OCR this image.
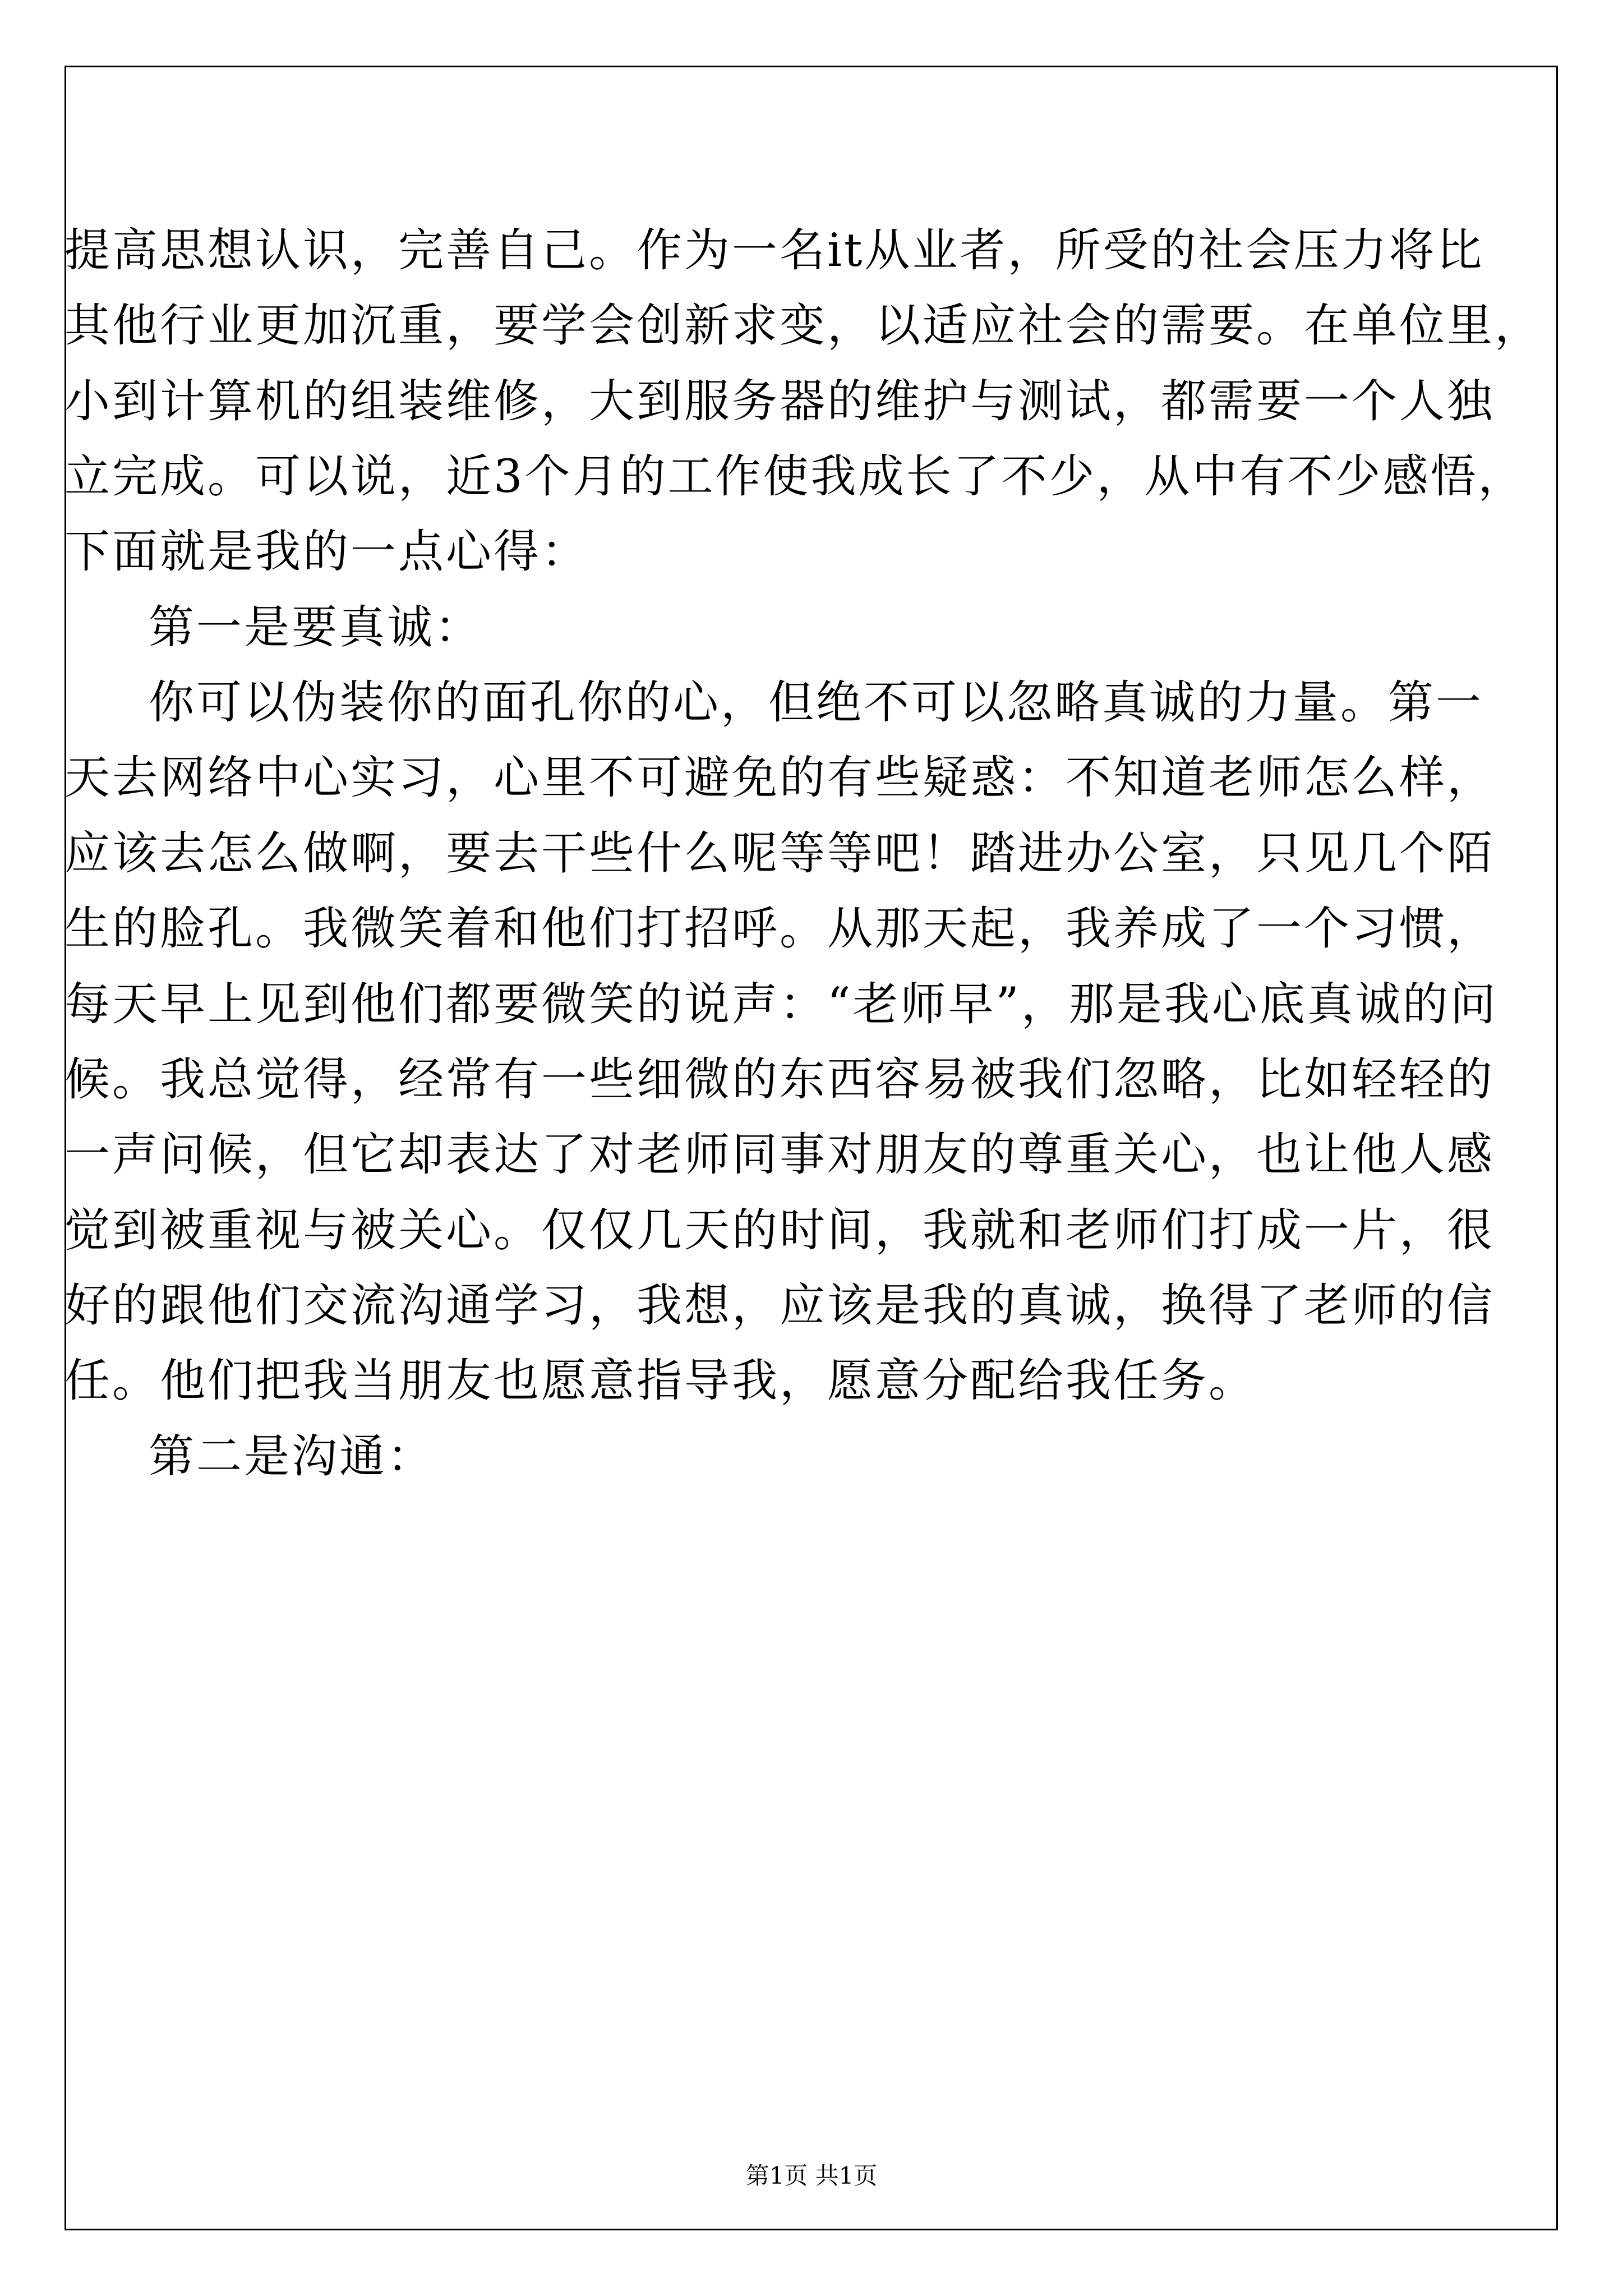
提高思想认识，完善自己。作为一名it从业者，所受的社会压力将比
其他行业更加沉重，要学会创新求变，以适应社会的需要。在单位里，
小到计算机的组装维修，大到服务器的维护与测试，都需要一个人独
立完成。可以说，近3个月的工作使我成长了不少，从中有不少感悟，
下面就是我的一点心得：
第一是要真诚：
你可以伪装你的面孔你的心，但绝不可以忽略真诚的力量。第一
天去网络中心实习，心里不可避免的有些疑惑：不知道老师怎么样，
应该去怎么做啊，要去干些什么呢等等吧！踏进办公室，只见几个陌
生的脸孔。我微笑着和他们打招呼。从那天起，我养成了一个习惯，
每天早上见到他们都要微笑的说声：“老师早”，那是我心底真诚的问
候。我总觉得，经常有一些细微的东西容易被我们忽略，比如轻轻的
一声问候，但它却表达了对老师同事对朋友的尊重关心，也让他人感
觉到被重视与被关心。仅仅几天的时间，我就和老师们打成一片，很
好的跟他们交流沟通学习，我想，应该是我的真诚，换得了老师的信
任。他们把我当朋友也愿意指导我，愿意分配给我任务。
第二是沟通：
第1页 共1页
